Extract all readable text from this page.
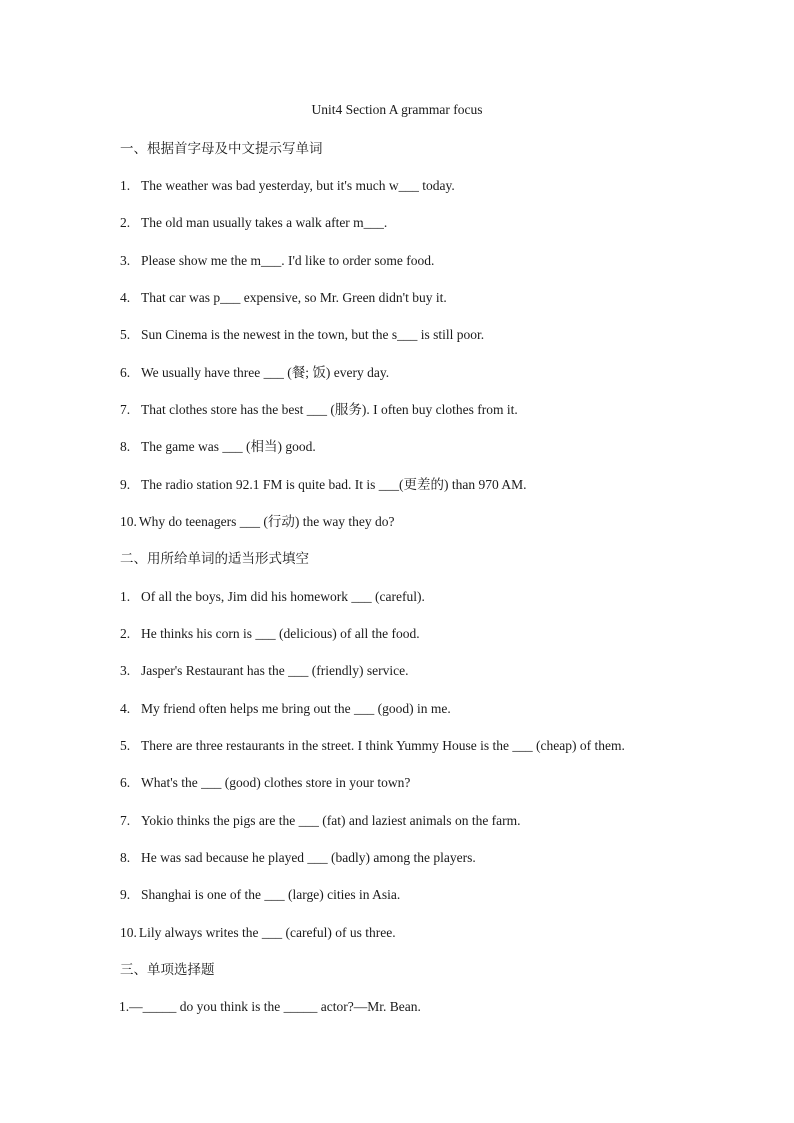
Unit4 Section A grammar focus
一、根据首字母及中文提示写单词
1. The weather was bad yesterday, but it's much w___ today.
2. The old man usually takes a walk after m___.
3. Please show me the m___. I'd like to order some food.
4. That car was p___ expensive, so Mr. Green didn't buy it.
5. Sun Cinema is the newest in the town, but the s___ is still poor.
6. We usually have three ___ (餐; 饭) every day.
7. That clothes store has the best ___ (服务). I often buy clothes from it.
8. The game was ___ (相当) good.
9. The radio station 92.1 FM is quite bad. It is ___(更差的) than 970 AM.
10. Why do teenagers ___ (行动) the way they do?
二、用所给单词的适当形式填空
1. Of all the boys, Jim did his homework ___ (careful).
2. He thinks his corn is ___ (delicious) of all the food.
3. Jasper's Restaurant has the ___ (friendly) service.
4. My friend often helps me bring out the ___ (good) in me.
5. There are three restaurants in the street. I think Yummy House is the ___ (cheap) of them.
6. What's the ___ (good) clothes store in your town?
7. Yokio thinks the pigs are the ___ (fat) and laziest animals on the farm.
8. He was sad because he played ___ (badly) among the players.
9. Shanghai is one of the ___ (large) cities in Asia.
10. Lily always writes the ___ (careful) of us three.
三、单项选择题
1.—_____ do you think is the _____ actor?—Mr. Bean.
